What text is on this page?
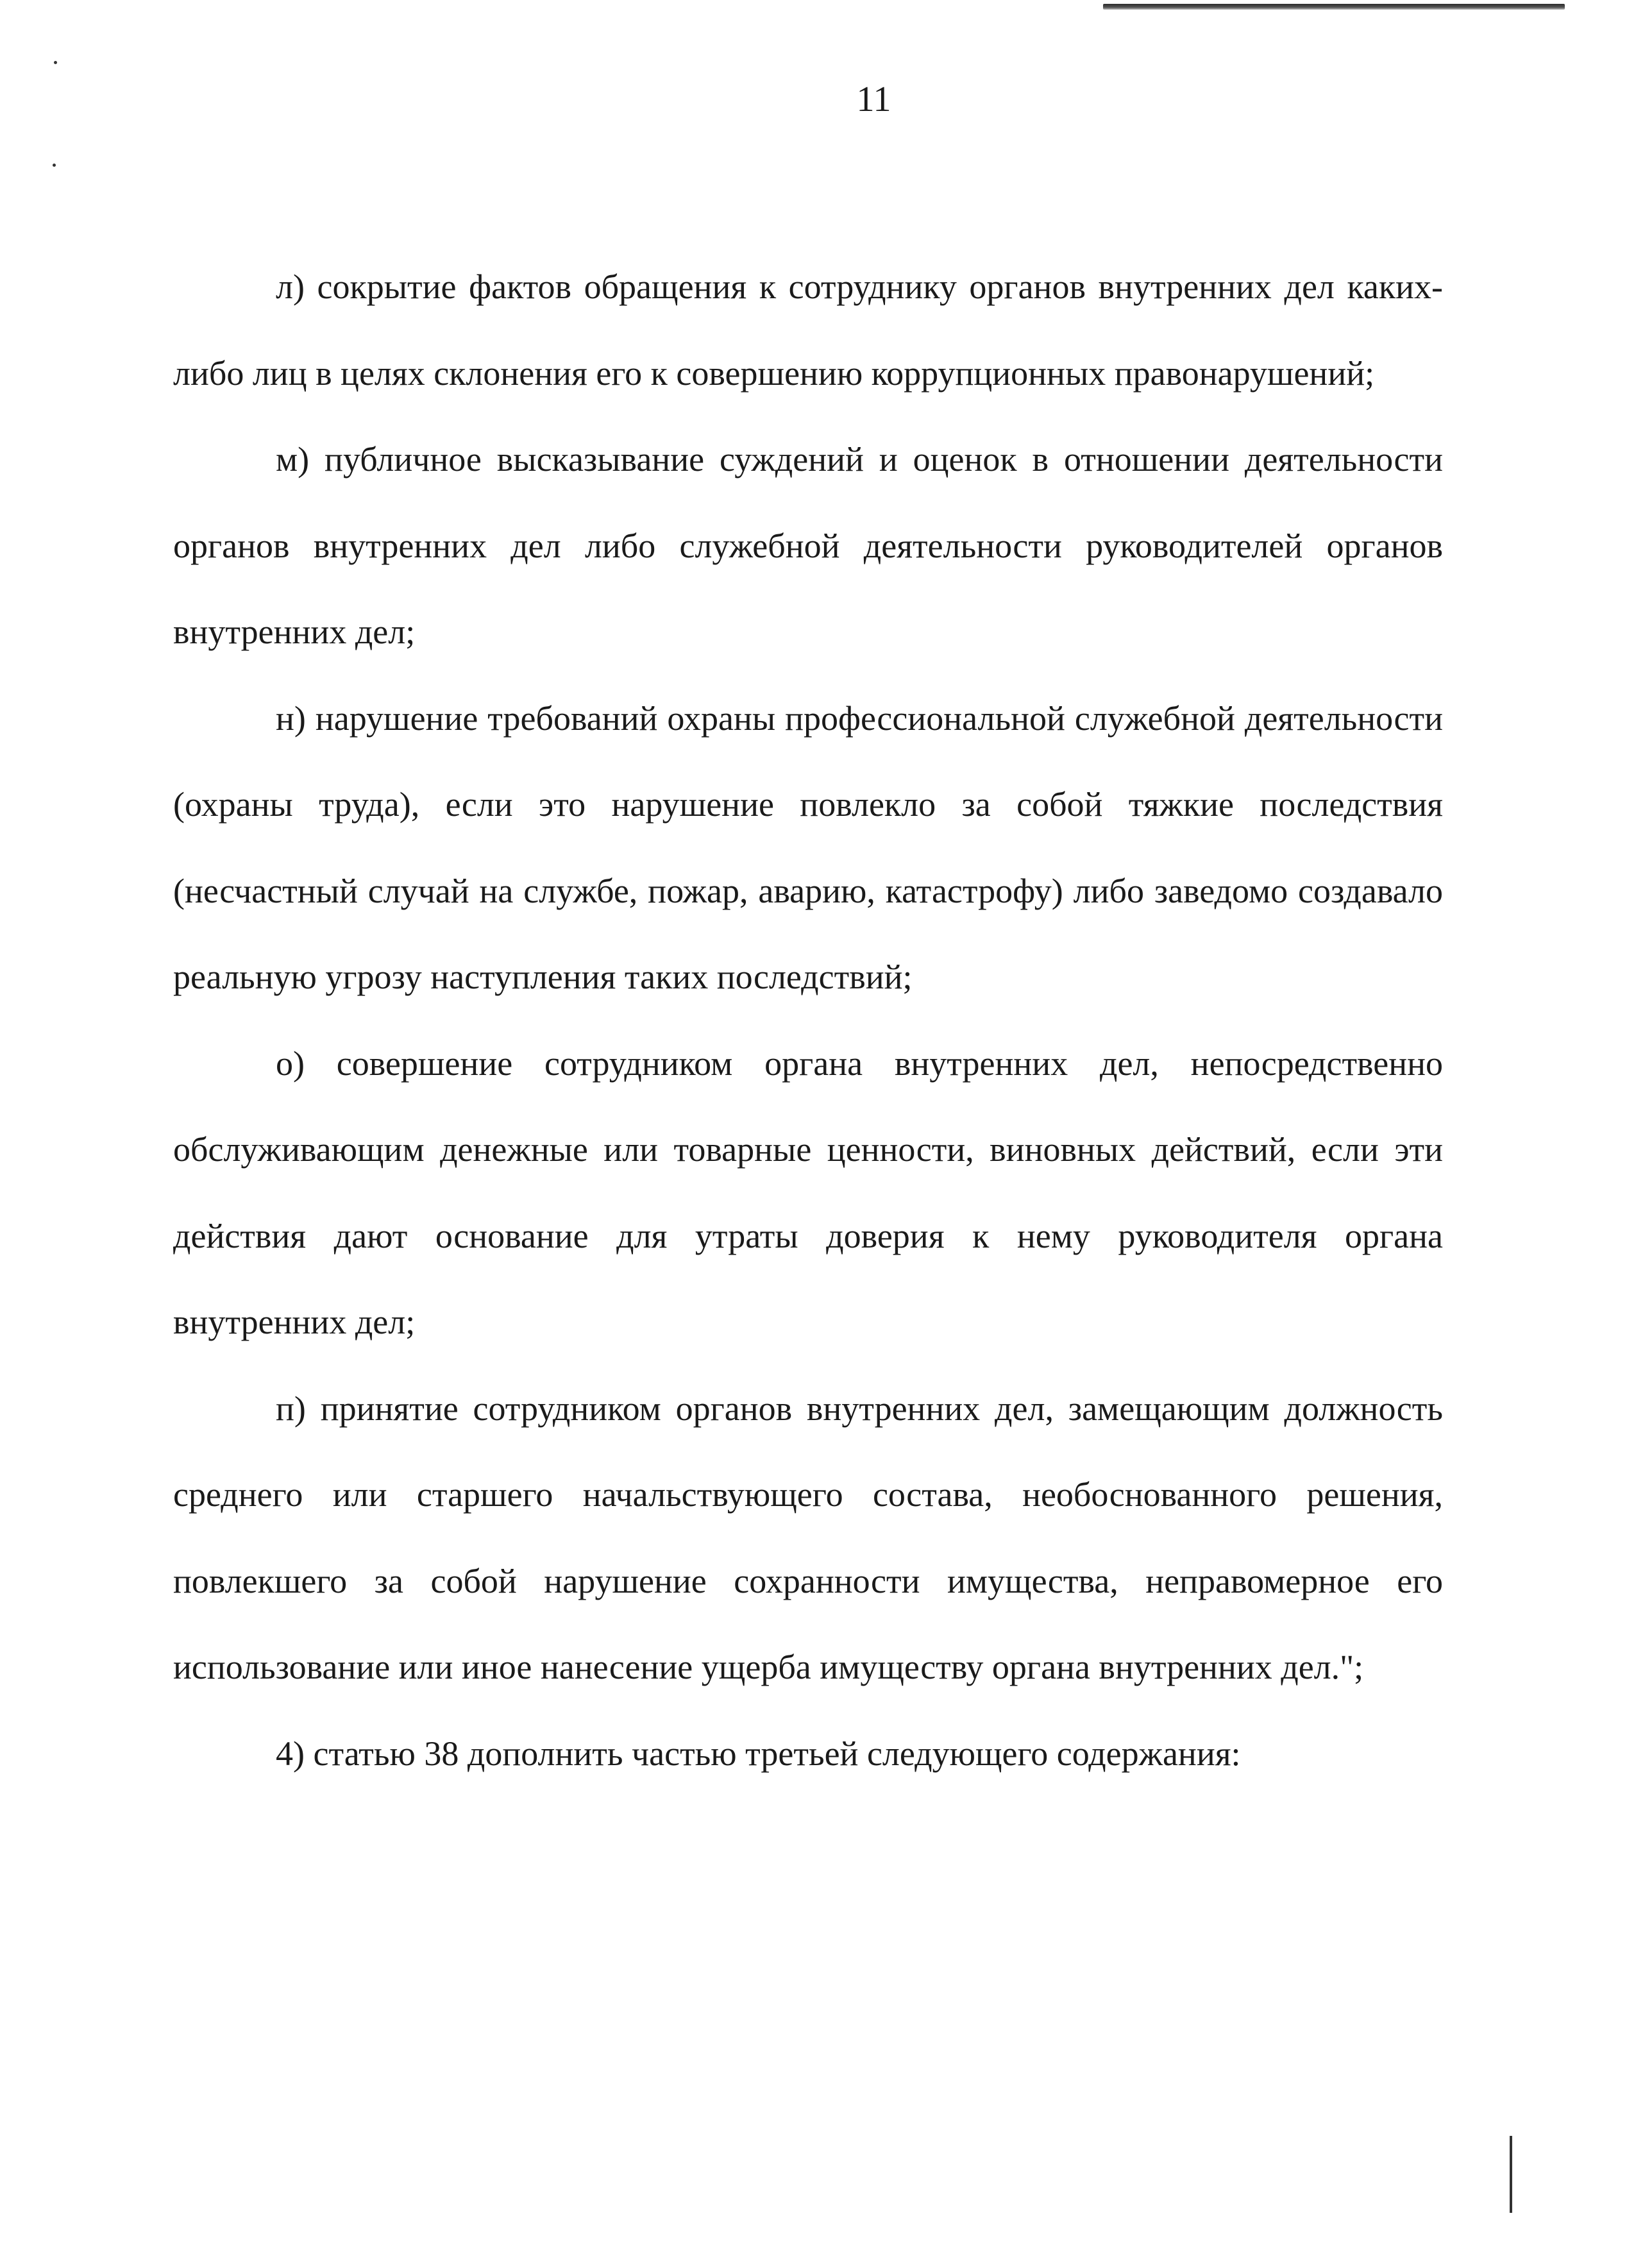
11

л) сокрытие фактов обращения к сотруднику органов внутренних дел каких-либо лиц в целях склонения его к совершению коррупционных правонарушений;

м) публичное высказывание суждений и оценок в отношении деятельности органов внутренних дел либо служебной деятельности руководителей органов внутренних дел;

н) нарушение требований охраны профессиональной служебной деятельности (охраны труда), если это нарушение повлекло за собой тяжкие последствия (несчастный случай на службе, пожар, аварию, катастрофу) либо заведомо создавало реальную угрозу наступления таких последствий;

о) совершение сотрудником органа внутренних дел, непосредственно обслуживающим денежные или товарные ценности, виновных действий, если эти действия дают основание для утраты доверия к нему руководителя органа внутренних дел;

п) принятие сотрудником органов внутренних дел, замещающим должность среднего или старшего начальствующего состава, необоснованного решения, повлекшего за собой нарушение сохранности имущества, неправомерное его использование или иное нанесение ущерба имуществу органа внутренних дел.";

4) статью 38 дополнить частью третьей следующего содержания:
